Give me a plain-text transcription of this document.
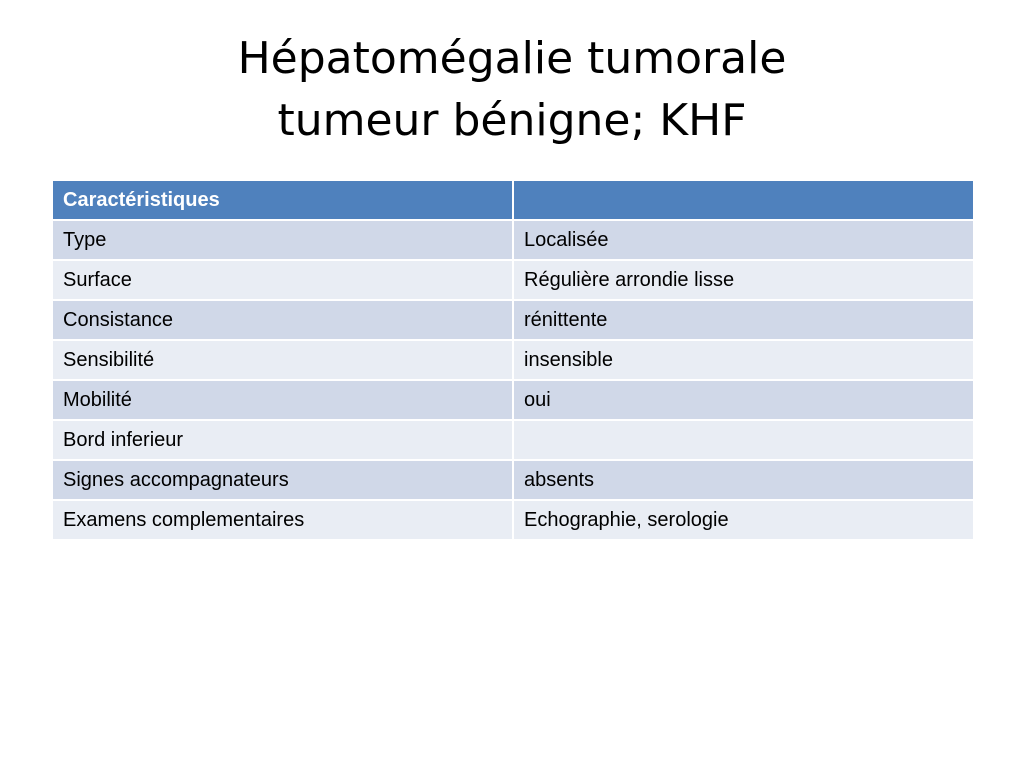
Hépatomégalie tumorale
tumeur bénigne; KHF
Caractéristiques	
Type	Localisée
Surface	Régulière arrondie lisse
Consistance	rénittente
Sensibilité	insensible
Mobilité	oui
Bord inferieur	
Signes accompagnateurs	absents
Examens complementaires	Echographie, serologie
